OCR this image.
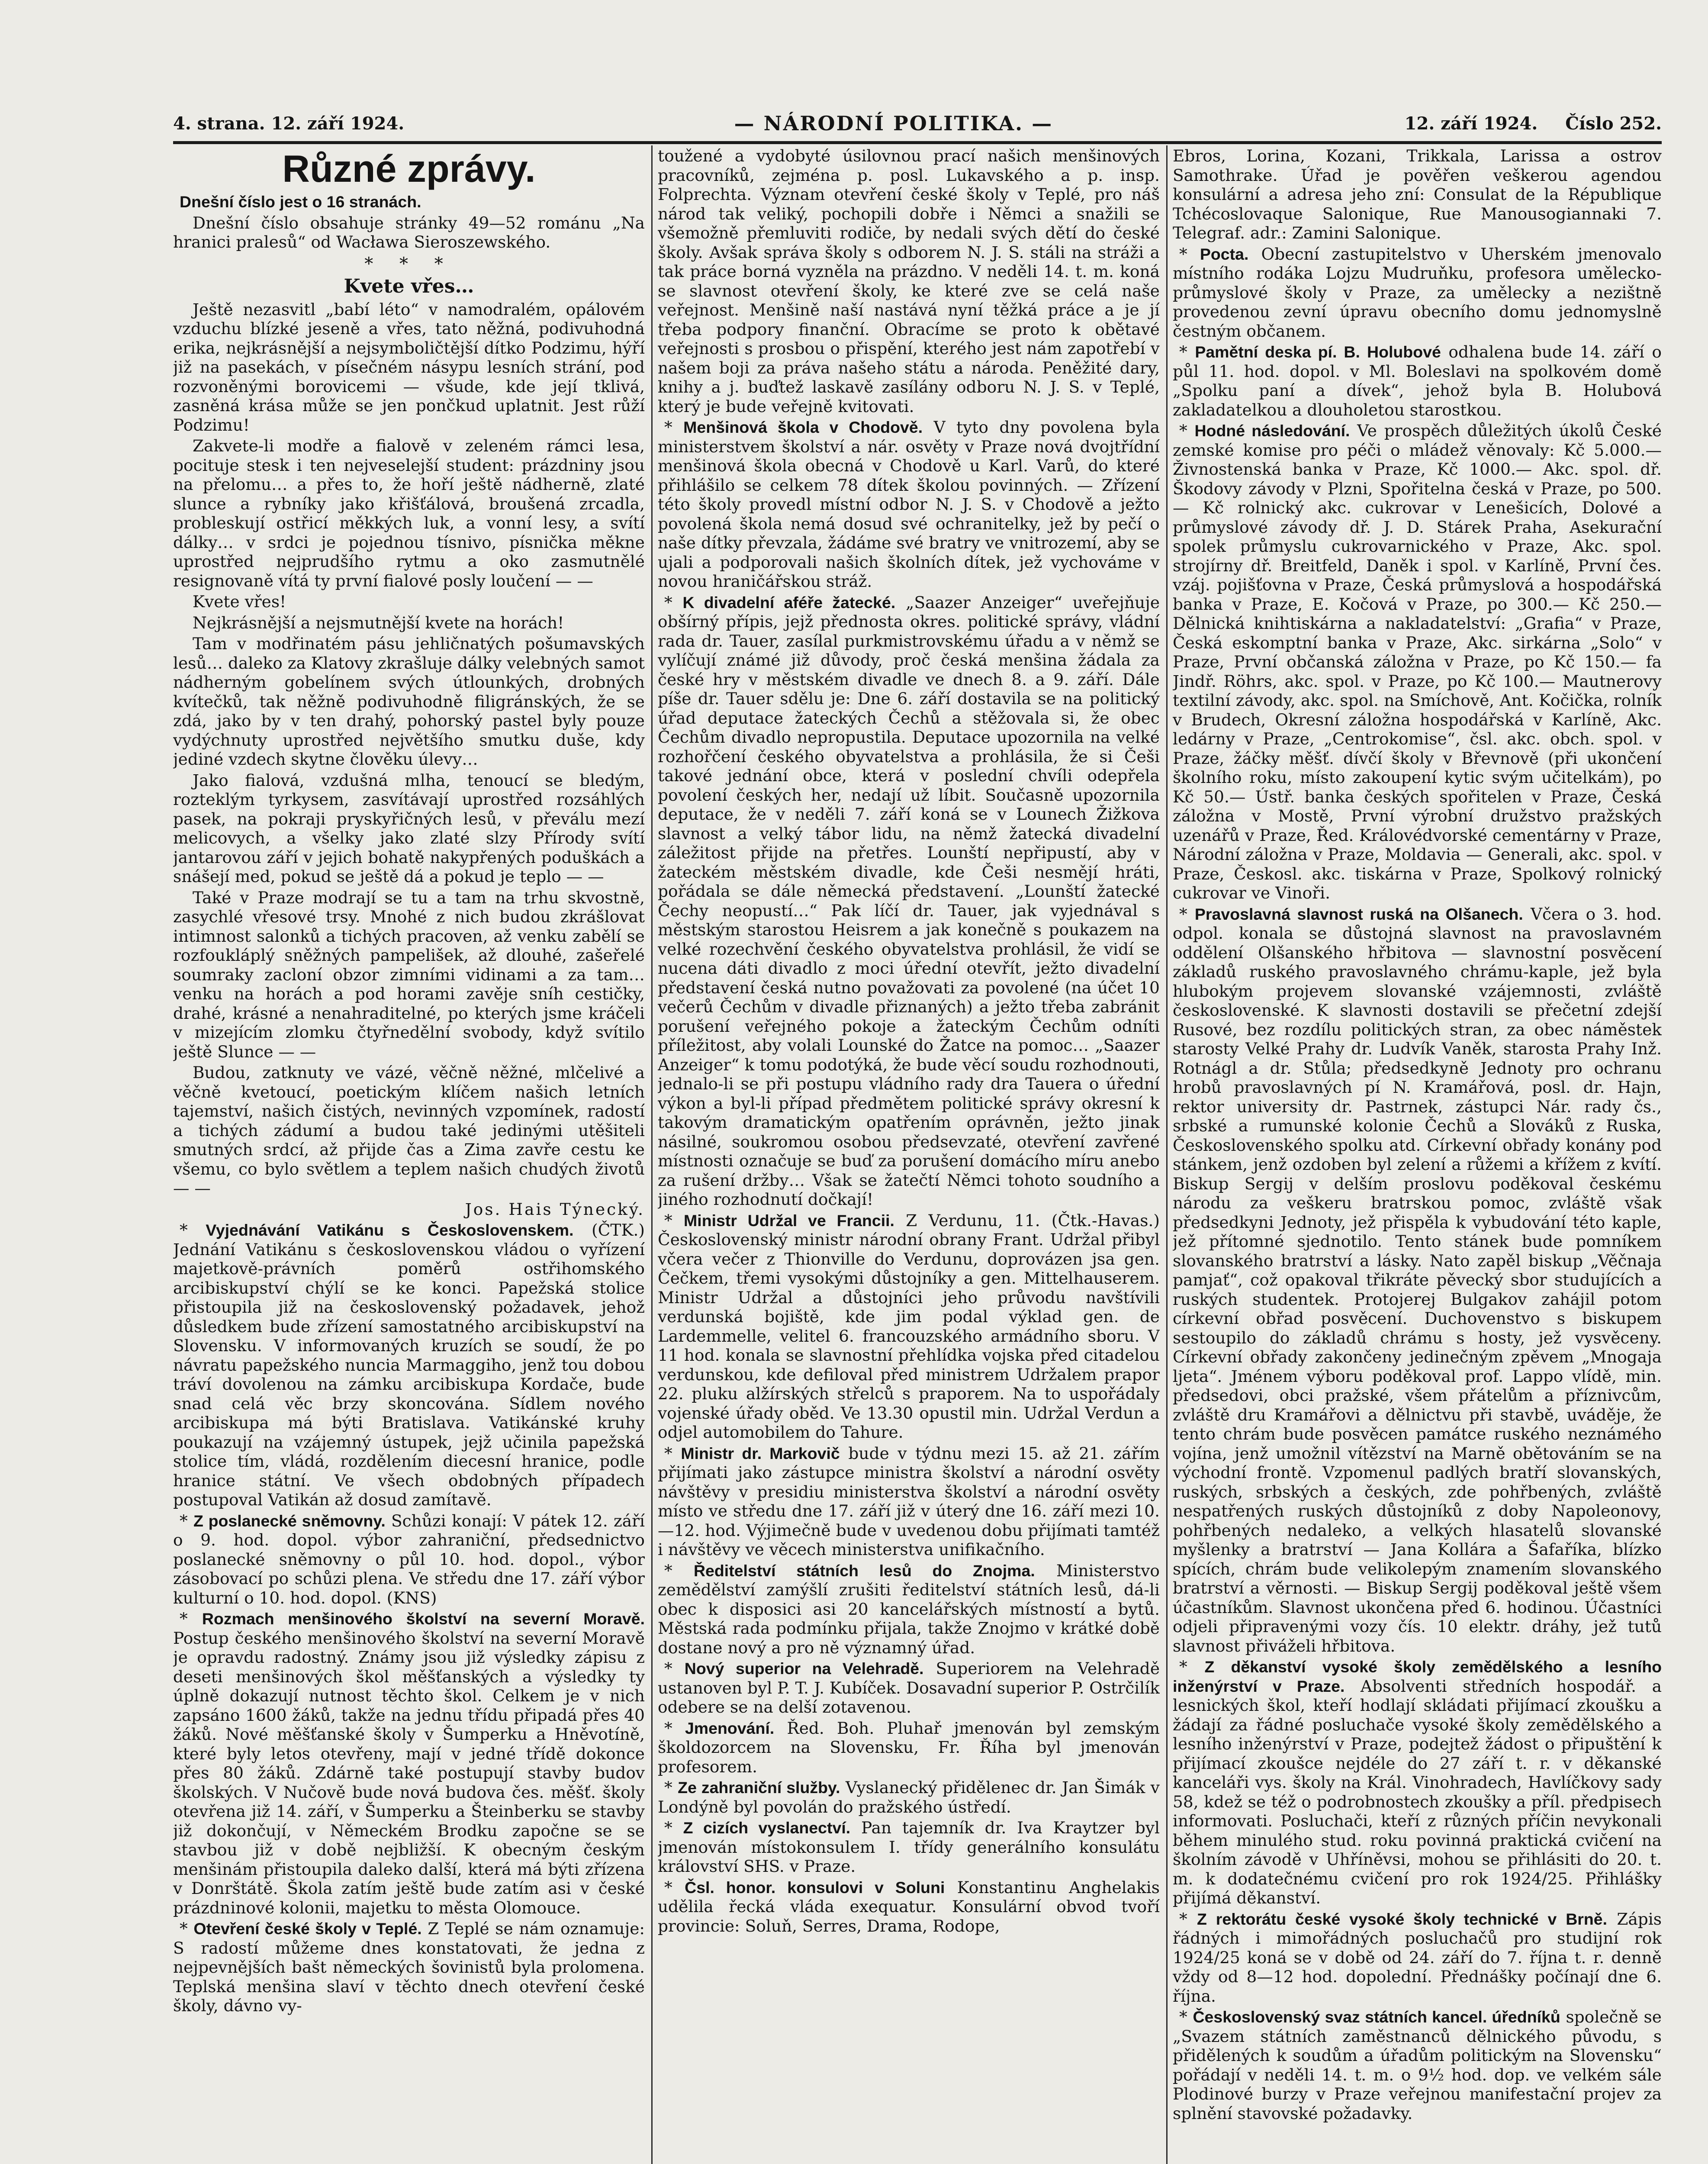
4. strana. 12. září 1924.	— NÁRODNÍ POLITIKA. —	12. září 1924. Číslo 252.
Různé zprávy.

Dnešní číslo jest o 16 stranách.

Dnešní číslo obsahuje stránky 49—52 románu „Na hranici pralesů“ od Wacława Sieroszewského.

* * *
Kvete vřes…

Ještě nezasvitl „babí léto“ v namodralém, opálovém vzduchu blízké jeseně a vřes, tato něžná, podivuhodná erika, nejkrásnější a nejsymboličtější dítko Podzimu, hýří již na pasekách, v písečném násypu lesních strání, pod rozvoněnými borovicemi — všude, kde její tklivá, zasněná krása může se jen pončkud uplatnit. Jest růží Podzimu!

Zakvete-li modře a fialově v zeleném rámci lesa, pocituje stesk i ten nejveselejší student: prázdniny jsou na přelomu… a přes to, že hoří ještě nádherně, zlaté slunce a rybníky jako křišťálová, broušená zrcadla, probleskují ostřicí měkkých luk, a vonní lesy, a svítí dálky… v srdci je pojednou tísnivo, písnička měkne uprostřed nejprudšího rytmu a oko zasmutnělé resignovaně vítá ty první fialové posly loučení — —

Kvete vřes!

Nejkrásnější a nejsmutnější kvete na horách!

Tam v modřinatém pásu jehličnatých pošumavských lesů… daleko za Klatovy zkrašluje dálky velebných samot nádherným gobelínem svých útlounkých, drobných kvítečků, tak něžně podivuhodně filigránských, že se zdá, jako by v ten drahý, pohorský pastel byly pouze vydýchnuty uprostřed největšího smutku duše, kdy jediné vzdech skytne člověku úlevy…

Jako fialová, vzdušná mlha, tenoucí se bledým, rozteklým tyrkysem, zasvítávají uprostřed rozsáhlých pasek, na pokraji pryskyřičných lesů, v převálu mezí melicovych, a všelky jako zlaté slzy Přírody svítí jantarovou září v jejich bohatě nakypřených poduškách a snášejí med, pokud se ještě dá a pokud je teplo — —

Také v Praze modrají se tu a tam na trhu skvostně, zasychlé vřesové trsy. Mnohé z nich budou zkrášlovat intimnost salonků a tichých pracoven, až venku zabělí se rozfoukláplý sněžných pampelišek, až dlouhé, zašeřelé soumraky zacloní obzor zimními vidinami a za tam… venku na horách a pod horami zavěje sníh cestičky, drahé, krásné a nenahraditelné, po kterých jsme kráčeli v mizejícím zlomku čtyřnedělní svobody, když svítilo ještě Slunce — —

Budou, zatknuty ve vázé, věčně něžné, mlčelivé a věčně kvetoucí, poetickým klíčem našich letních tajemství, našich čistých, nevinných vzpomínek, radostí a tichých zádumí a budou také jedinými utěšiteli smutných srdcí, až přijde čas a Zima zavře cestu ke všemu, co bylo světlem a teplem našich chudých životů — —

Jos. Hais Týnecký.

* Vyjednávání Vatikánu s Československem. (ČTK.) Jednání Vatikánu s československou vládou o vyřízení majetkově-právních poměrů ostřihomského arcibiskupství chýlí se ke konci. Papežská stolice přistoupila již na československý požadavek, jehož důsledkem bude zřízení samostatného arcibiskupství na Slovensku. V informovaných kruzích se soudí, že po návratu papežského nuncia Marmaggiho, jenž tou dobou tráví dovolenou na zámku arcibiskupa Kordače, bude snad celá věc brzy skoncována. Sídlem nového arcibiskupa má býti Bratislava. Vatikánské kruhy poukazují na vzájemný ústupek, jejž učinila papežská stolice tím, vládá, rozdělením diecesní hranice, podle hranice státní. Ve všech obdobných případech postupoval Vatikán až dosud zamítavě.

* Z poslanecké sněmovny. Schůzi konají: V pátek 12. září o 9. hod. dopol. výbor zahraniční, předsednictvo poslanecké sněmovny o půl 10. hod. dopol., výbor zásobovací po schůzi plena. Ve středu dne 17. září výbor kulturní o 10. hod. dopol. (KNS)

* Rozmach menšinového školství na severní Moravě. Postup českého menšinového školství na severní Moravě je opravdu radostný. Známy jsou již výsledky zápisu z deseti menšinových škol měšťanských a výsledky ty úplně dokazují nutnost těchto škol. Celkem je v nich zapsáno 1600 žáků, takže na jednu třídu připadá přes 40 žáků. Nové měšťanské školy v Šumperku a Hněvotíně, které byly letos otevřeny, mají v jedné třídě dokonce přes 80 žáků. Zdárně také postupují stavby budov školských. V Nučově bude nová budova čes. měšť. školy otevřena již 14. září, v Šumperku a Šteinberku se stavby již dokončují, v Německém Brodku započne se se stavbou již v době nejbližší. K obecným českým menšinám přistoupila daleko další, která má býti zřízena v Donrštátě. Škola zatím ještě bude zatím asi v české prázdninové kolonii, majetku to města Olomouce.

* Otevření české školy v Teplé. Z Teplé se nám oznamuje: S radostí můžeme dnes konstatovati, že jedna z nejpevnějších bašt německých šovinistů byla prolomena. Teplská menšina slaví v těchto dnech otevření české školy, dávno vy-

toužené a vydobyté úsilovnou prací našich menšinových pracovníků, zejména p. posl. Lukavského a p. insp. Folprechta. Význam otevření české školy v Teplé, pro náš národ tak veliký, pochopili dobře i Němci a snažili se všemožně přemluviti rodiče, by nedali svých dětí do české školy. Avšak správa školy s odborem N. J. S. stáli na stráži a tak práce borná vyzněla na prázdno. V neděli 14. t. m. koná se slavnost otevření školy, ke které zve se celá naše veřejnost. Menšině naší nastává nyní těžká práce a je jí třeba podpory finanční. Obracíme se proto k obětavé veřejnosti s prosbou o přispění, kterého jest nám zapotřebí v našem boji za práva našeho státu a národa. Peněžité dary, knihy a j. buďtež laskavě zasílány odboru N. J. S. v Teplé, který je bude veřejně kvitovati.

* Menšinová škola v Chodově. V tyto dny povolena byla ministerstvem školství a nár. osvěty v Praze nová dvojtřídní menšinová škola obecná v Chodově u Karl. Varů, do které přihlášilo se celkem 78 dítek školou povinných. — Zřízení této školy provedl místní odbor N. J. S. v Chodově a ježto povolená škola nemá dosud své ochranitelky, jež by pečí o naše dítky převzala, žádáme své bratry ve vnitrozemí, aby se ujali a podporovali našich školních dítek, jež vychováme v novou hraničářskou stráž.

* K divadelní aféře žatecké. „Saazer Anzeiger“ uveřejňuje obšírný přípis, jejž přednosta okres. politické správy, vládní rada dr. Tauer, zasílal purkmistrovskému úřadu a v němž se vylíčují známé již důvody, proč česká menšina žádala za české hry v městském divadle ve dnech 8. a 9. září. Dále píše dr. Tauer sdělu je: Dne 6. září dostavila se na politický úřad deputace žateckých Čechů a stěžovala si, že obec Čechům divadlo nepropustila. Deputace upozornila na velké rozhořčení českého obyvatelstva a prohlásila, že si Češi takové jednání obce, která v poslední chvíli odepřela povolení českých her, nedají už líbit. Současně upozornila deputace, že v neděli 7. září koná se v Lounech Žižkova slavnost a velký tábor lidu, na němž žatecká divadelní záležitost přijde na přetřes. Lounští nepřipustí, aby v žateckém městském divadle, kde Češi nesmějí hráti, pořádala se dále německá představení. „Lounští žatecké Čechy neopustí…“ Pak líčí dr. Tauer, jak vyjednával s městským starostou Heisrem a jak konečně s poukazem na velké rozechvění českého obyvatelstva prohlásil, že vidí se nucena dáti divadlo z moci úřední otevřít, ježto divadelní představení česká nutno považovati za povolené (na účet 10 večerů Čechům v divadle přiznaných) a ježto třeba zabránit porušení veřejného pokoje a žateckým Čechům odníti příležitost, aby volali Lounské do Žatce na pomoc… „Saazer Anzeiger“ k tomu podotýká, že bude věcí soudu rozhodnouti, jednalo-li se při postupu vládního rady dra Tauera o úřední výkon a byl-li případ předmětem politické správy okresní k takovým dramatickým opatřením oprávněn, ježto jinak násilné, soukromou osobou předsevzaté, otevření zavřené místnosti označuje se buď za porušení domácího míru anebo za rušení držby… Však se žatečtí Němci tohoto soudního a jiného rozhodnutí dočkají!

* Ministr Udržal ve Francii. Z Verdunu, 11. (Čtk.-Havas.) Československý ministr národní obrany Frant. Udržal přibyl včera večer z Thionville do Verdunu, doprovázen jsa gen. Čečkem, třemi vysokými důstojníky a gen. Mittelhauserem. Ministr Udržal a důstojníci jeho průvodu navštívili verdunská bojiště, kde jim podal výklad gen. de Lardemmelle, velitel 6. francouzského armádního sboru. V 11 hod. konala se slavnostní přehlídka vojska před citadelou verdunskou, kde defiloval před ministrem Udržalem prapor 22. pluku alžírských střelců s praporem. Na to uspořádaly vojenské úřady oběd. Ve 13.30 opustil min. Udržal Verdun a odjel automobilem do Tahure.

* Ministr dr. Markovič bude v týdnu mezi 15. až 21. zářím přijímati jako zástupce ministra školství a národní osvěty návštěvy v presidiu ministerstva školství a národní osvěty místo ve středu dne 17. září již v úterý dne 16. září mezi 10.—12. hod. Výjimečně bude v uvedenou dobu přijímati tamtéž i návštěvy ve věcech ministerstva unifikačního.

* Ředitelství státních lesů do Znojma. Ministerstvo zemědělství zamýšlí zrušiti ředitelství státních lesů, dá-li obec k disposici asi 20 kancelářských místností a bytů. Městská rada podmínku přijala, takže Znojmo v krátké době dostane nový a pro ně významný úřad.

* Nový superior na Velehradě. Superiorem na Velehradě ustanoven byl P. T. J. Kubíček. Dosavadní superior P. Ostrčilík odebere se na delší zotavenou.

* Jmenování. Řed. Boh. Pluhař jmenován byl zemským školdozorcem na Slovensku, Fr. Říha byl jmenován profesorem.

* Ze zahraniční služby. Vyslanecký přidělenec dr. Jan Šimák v Londýně byl povolán do pražského ústředí.

* Z cizích vyslanectví. Pan tajemník dr. Iva Kraytzer byl jmenován místokonsulem I. třídy generálního konsulátu království SHS. v Praze.

* Čsl. honor. konsulovi v Soluni Konstantinu Anghelakis udělila řecká vláda exequatur. Konsulární obvod tvoří provincie: Soluň, Serres, Drama, Rodope,

Ebros, Lorina, Kozani, Trikkala, Larissa a ostrov Samothrake. Úřad je pověřen veškerou agendou konsulární a adresa jeho zní: Consulat de la République Tchécoslovaque Salonique, Rue Manousogiannaki 7. Telegraf. adr.: Zamini Salonique.

* Pocta. Obecní zastupitelstvo v Uherském jmenovalo místního rodáka Lojzu Mudruňku, profesora umělecko-průmyslové školy v Praze, za umělecky a nezištně provedenou zevní úpravu obecního domu jednomyslně čestným občanem.

* Pamětní deska pí. B. Holubové odhalena bude 14. září o půl 11. hod. dopol. v Ml. Boleslavi na spolkovém domě „Spolku paní a dívek“, jehož byla B. Holubová zakladatelkou a dlouholetou starostkou.

* Hodné následování. Ve prospěch důležitých úkolů České zemské komise pro péči o mládež věnovaly: Kč 5.000.— Živnostenská banka v Praze, Kč 1000.— Akc. spol. dř. Škodovy závody v Plzni, Spořitelna česká v Praze, po 500.— Kč rolnický akc. cukrovar v Lenešicích, Dolové a průmyslové závody dř. J. D. Stárek Praha, Asekurační spolek průmyslu cukrovarnického v Praze, Akc. spol. strojírny dř. Breitfeld, Daněk i spol. v Karlíně, První čes. vzáj. pojišťovna v Praze, Česká průmyslová a hospodářská banka v Praze, E. Kočová v Praze, po 300.— Kč 250.— Dělnická knihtiskárna a nakladatelství: „Grafia“ v Praze, Česká eskomptní banka v Praze, Akc. sirkárna „Solo“ v Praze, První občanská záložna v Praze, po Kč 150.— fa Jindř. Röhrs, akc. spol. v Praze, po Kč 100.— Mautnerovy textilní závody, akc. spol. na Smíchově, Ant. Kočička, rolník v Brudech, Okresní záložna hospodářská v Karlíně, Akc. ledárny v Praze, „Centrokomise“, čsl. akc. obch. spol. v Praze, žáčky měšť. dívčí školy v Břevnově (při ukončení školního roku, místo zakoupení kytic svým učitelkám), po Kč 50.— Ústř. banka českých spořitelen v Praze, Česká záložna v Mostě, První výrobní družstvo pražských uzenářů v Praze, Řed. Královédvorské cementárny v Praze, Národní záložna v Praze, Moldavia — Generali, akc. spol. v Praze, Českosl. akc. tiskárna v Praze, Spolkový rolnický cukrovar ve Vinoři.

* Pravoslavná slavnost ruská na Olšanech. Včera o 3. hod. odpol. konala se důstojná slavnost na pravoslavném oddělení Olšanského hřbitova — slavnostní posvěcení základů ruského pravoslavného chrámu-kaple, jež byla hlubokým projevem slovanské vzájemnosti, zvláště československé. K slavnosti dostavili se přečetní zdejší Rusové, bez rozdílu politických stran, za obec náměstek starosty Velké Prahy dr. Ludvík Vaněk, starosta Prahy Inž. Rotnágl a dr. Stůla; předsedkyně Jednoty pro ochranu hrobů pravoslavných pí N. Kramářová, posl. dr. Hajn, rektor university dr. Pastrnek, zástupci Nár. rady čs., srbské a rumunské kolonie Čechů a Slováků z Ruska, Československého spolku atd. Církevní obřady konány pod stánkem, jenž ozdoben byl zelení a růžemi a křížem z kvítí. Biskup Sergij v delším proslovu poděkoval českému národu za veškeru bratrskou pomoc, zvláště však předsedkyni Jednoty, jež přispěla k vybudování této kaple, jež přítomné sjednotilo. Tento stánek bude pomníkem slovanského bratrství a lásky. Nato zapěl biskup „Věčnaja pamjať“, což opakoval třikráte pěvecký sbor studujících a ruských studentek. Protojerej Bulgakov zahájil potom církevní obřad posvěcení. Duchovenstvo s biskupem sestoupilo do základů chrámu s hosty, jež vysvěceny. Církevní obřady zakončeny jedinečným zpěvem „Mnogaja ljeta“. Jménem výboru poděkoval prof. Lappo vlídě, min. předsedovi, obci pražské, všem přátelům a příznivcům, zvláště dru Kramářovi a dělnictvu při stavbě, uváděje, že tento chrám bude posvěcen památce ruského neznámého vojína, jenž umožnil vítězství na Marně obětováním se na východní frontě. Vzpomenul padlých bratří slovanských, ruských, srbských a českých, zde pohřbených, zvláště nespatřených ruských důstojníků z doby Napoleonovy, pohřbených nedaleko, a velkých hlasatelů slovanské myšlenky a bratrství — Jana Kollára a Šafaříka, blízko spících, chrám bude velikolepým znamením slovanského bratrství a věrnosti. — Biskup Sergij poděkoval ještě všem účastníkům. Slavnost ukončena před 6. hodinou. Účastníci odjeli připravenými vozy čís. 10 elektr. dráhy, jež tutů slavnost přiváželi hřbitova.

* Z děkanství vysoké školy zemědělského a lesního inženýrství v Praze. Absolventi středních hospodář. a lesnických škol, kteří hodlají skládati přijímací zkoušku a žádají za řádné posluchače vysoké školy zemědělského a lesního inženýrství v Praze, podejtež žádost o připuštění k přijímací zkoušce nejdéle do 27 září t. r. v děkanské kanceláři vys. školy na Král. Vinohradech, Havlíčkovy sady 58, kdež se též o podrobnostech zkoušky a příl. předpisech informovati. Posluchači, kteří z různých příčin nevykonali během minulého stud. roku povinná praktická cvičení na školním závodě v Uhříněvsi, mohou se přihlásiti do 20. t. m. k dodatečnému cvičení pro rok 1924/25. Přihlášky přijímá děkanství.

* Z rektorátu české vysoké školy technické v Brně. Zápis řádných i mimořádných posluchačů pro studijní rok 1924/25 koná se v době od 24. září do 7. října t. r. denně vždy od 8—12 hod. dopolední. Přednášky počínají dne 6. října.

* Československý svaz státních kancel. úředníků společně se „Svazem státních zaměstnanců dělnického původu, s přidělených k soudům a úřadům politickým na Slovensku“ pořádají v neděli 14. t. m. o 9½ hod. dop. ve velkém sále Plodinové burzy v Praze veřejnou manifestační projev za splnění stavovské požadavky.
